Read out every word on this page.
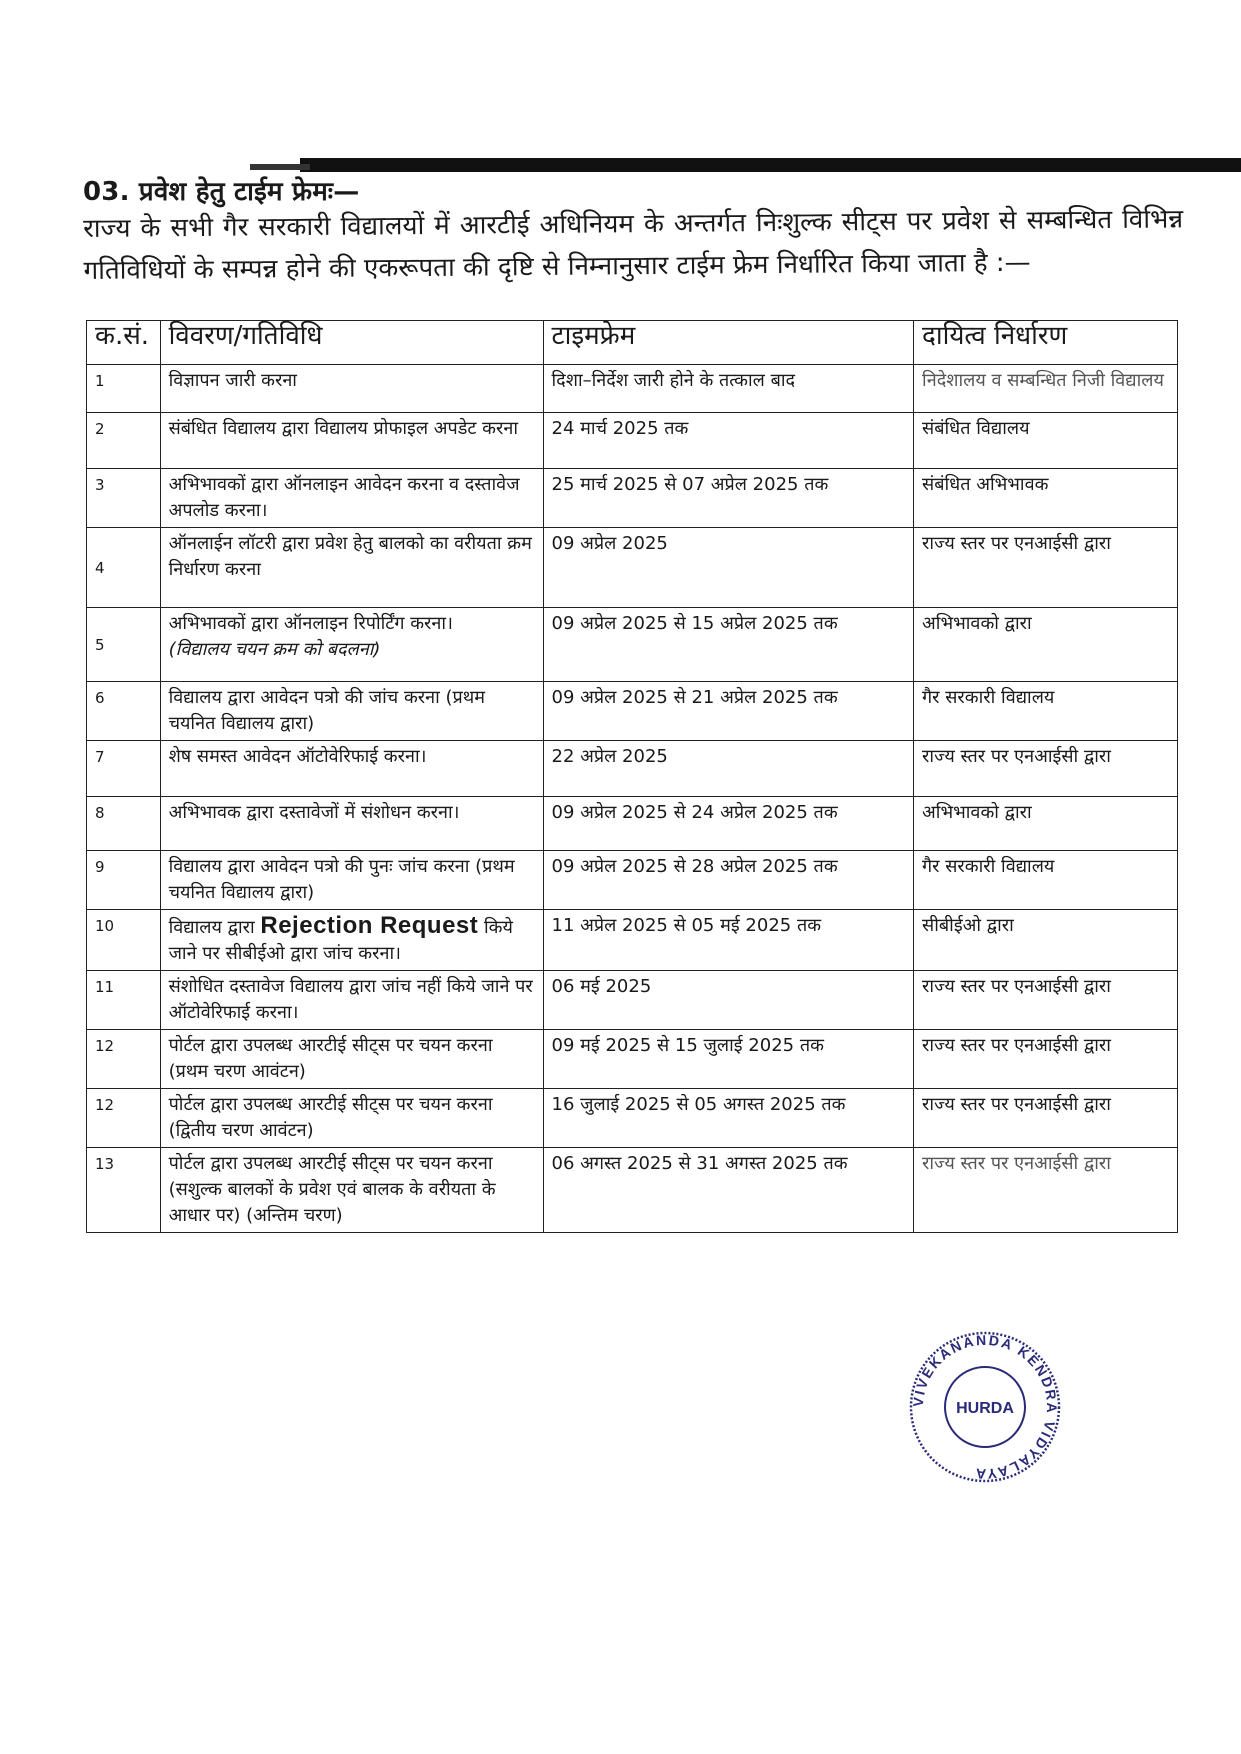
03. प्रवेश हेतु टाईम फ्रेमः—
राज्य के सभी गैर सरकारी विद्यालयों में आरटीई अधिनियम के अन्तर्गत निःशुल्क सीट्स पर प्रवेश से सम्बन्धित विभिन्न गतिविधियों के सम्पन्न होने की एकरूपता की दृष्टि से निम्नानुसार टाईम फ्रेम निर्धारित किया जाता है :—
क.सं.	विवरण/गतिविधि	टाइमफ्रेम	दायित्व निर्धारण
1	विज्ञापन जारी करना	दिशा–निर्देश जारी होने के तत्काल बाद	निदेशालय व सम्बन्धित निजी विद्यालय
2	संबंधित विद्यालय द्वारा विद्यालय प्रोफाइल अपडेट करना	24 मार्च 2025 तक	संबंधित विद्यालय
3	अभिभावकों द्वारा ऑनलाइन आवेदन करना व दस्तावेज अपलोड करना।	25 मार्च 2025 से 07 अप्रेल 2025 तक	संबंधित अभिभावक
4	ऑनलाईन लॉटरी द्वारा प्रवेश हेतु बालको का वरीयता क्रम निर्धारण करना	09 अप्रेल 2025	राज्य स्तर पर एनआईसी द्वारा
5	अभिभावकों द्वारा ऑनलाइन रिपोर्टिंग करना।
(विद्यालय चयन क्रम को बदलना)	09 अप्रेल 2025 से 15 अप्रेल 2025 तक	अभिभावको द्वारा
6	विद्यालय द्वारा आवेदन पत्रो की जांच करना (प्रथम चयनित विद्यालय द्वारा)	09 अप्रेल 2025 से 21 अप्रेल 2025 तक	गैर सरकारी विद्यालय
7	शेष समस्त आवेदन ऑटोवेरिफाई करना।	22 अप्रेल 2025	राज्य स्तर पर एनआईसी द्वारा
8	अभिभावक द्वारा दस्तावेजों में संशोधन करना।	09 अप्रेल 2025 से 24 अप्रेल 2025 तक	अभिभावको द्वारा
9	विद्यालय द्वारा आवेदन पत्रो की पुनः जांच करना (प्रथम चयनित विद्यालय द्वारा)	09 अप्रेल 2025 से 28 अप्रेल 2025 तक	गैर सरकारी विद्यालय
10	विद्यालय द्वारा Rejection Request किये जाने पर सीबीईओ द्वारा जांच करना।	11 अप्रेल 2025 से 05 मई 2025 तक	सीबीईओ द्वारा
11	संशोधित दस्तावेज विद्यालय द्वारा जांच नहीं किये जाने पर ऑटोवेरिफाई करना।	06 मई 2025	राज्य स्तर पर एनआईसी द्वारा
12	पोर्टल द्वारा उपलब्ध आरटीई सीट्स पर चयन करना (प्रथम चरण आवंटन)	09 मई 2025 से 15 जुलाई 2025 तक	राज्य स्तर पर एनआईसी द्वारा
12	पोर्टल द्वारा उपलब्ध आरटीई सीट्स पर चयन करना (द्वितीय चरण आवंटन)	16 जुलाई 2025 से 05 अगस्त 2025 तक	राज्य स्तर पर एनआईसी द्वारा
13	पोर्टल द्वारा उपलब्ध आरटीई सीट्स पर चयन करना (सशुल्क बालकों के प्रवेश एवं बालक के वरीयता के आधार पर) (अन्तिम चरण)	06 अगस्त 2025 से 31 अगस्त 2025 तक	राज्य स्तर पर एनआईसी द्वारा
VIVEKANANDA KENDRA VIDYALAYA
HURDA
